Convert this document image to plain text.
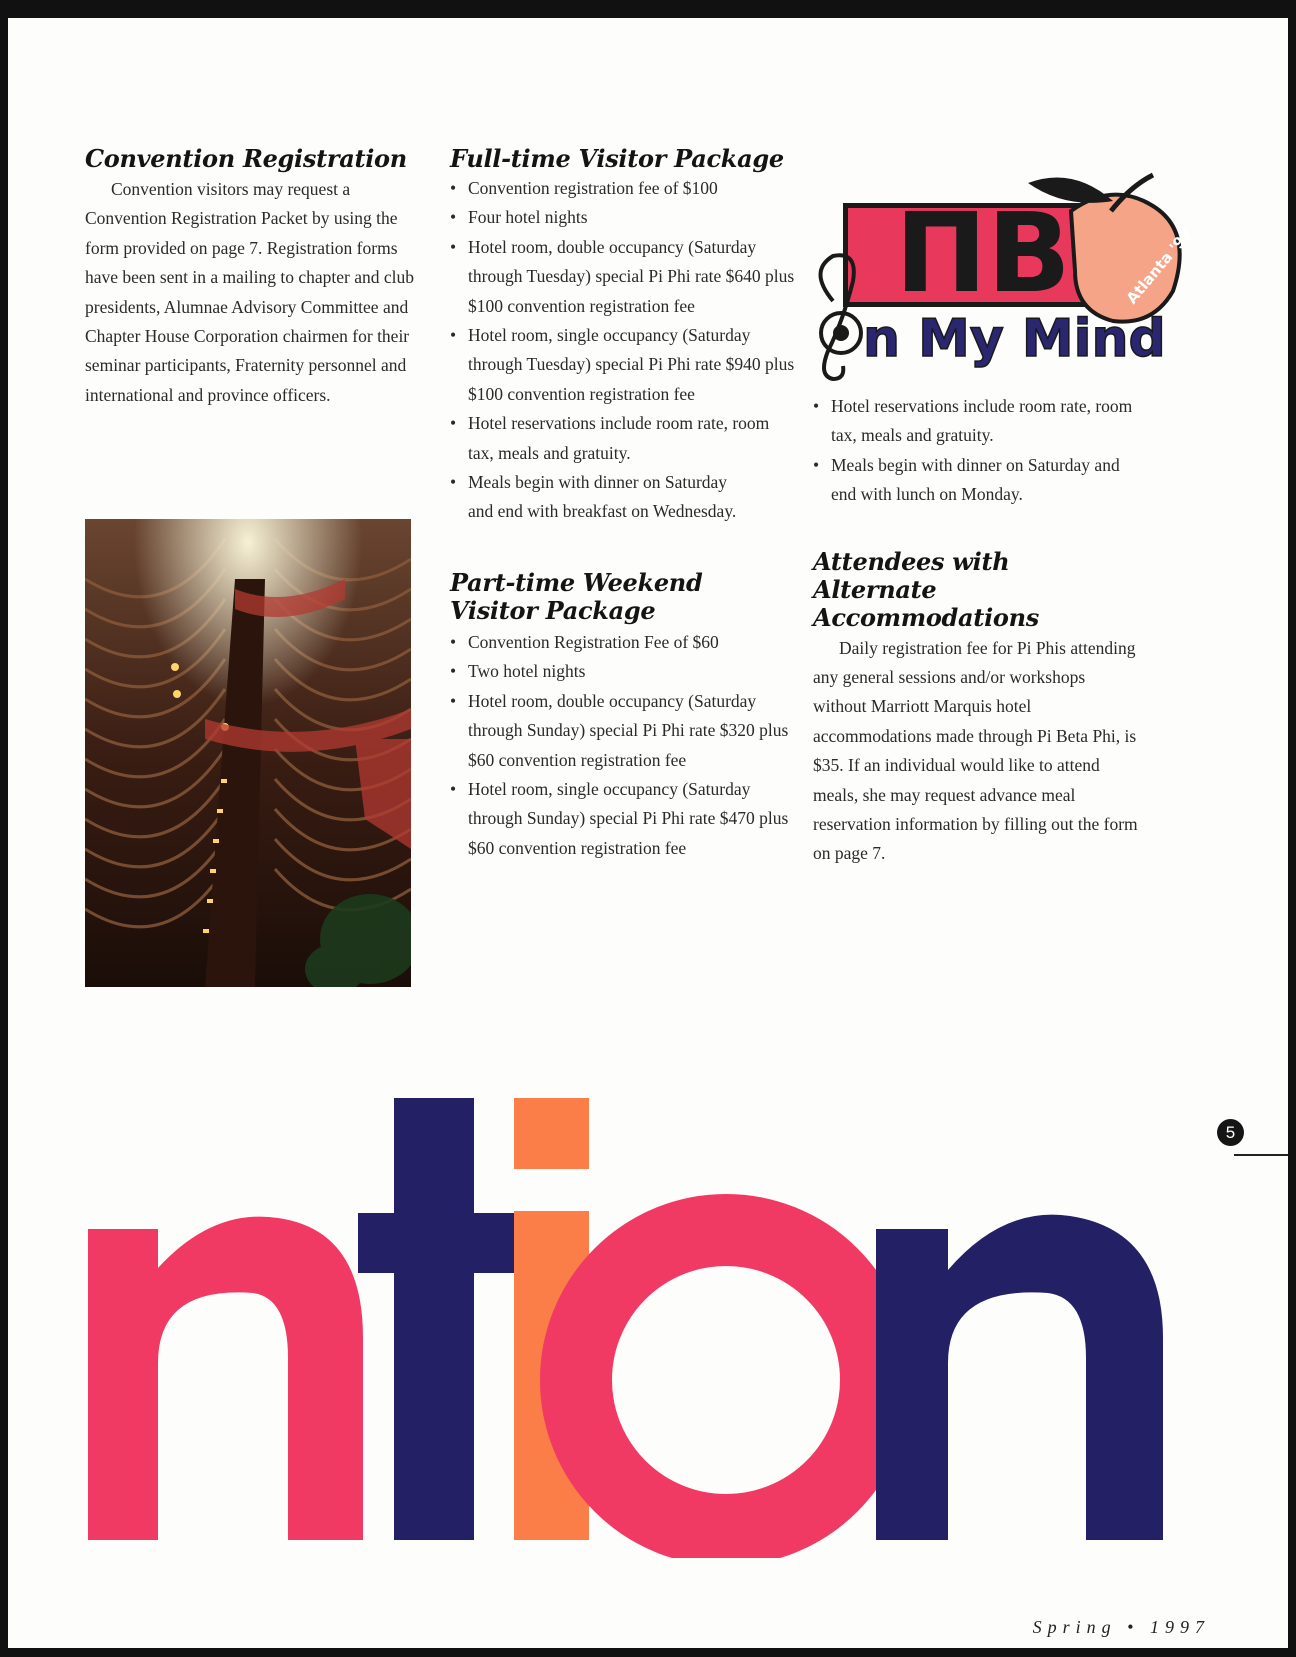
Convention Registration

Convention visitors may request a Convention Registration Packet by using the form provided on page 7. Registration forms have been sent in a mailing to chapter and club presidents, Alumnae Advisory Committee and Chapter House Corporation chairmen for their seminar participants, Fraternity personnel and international and province officers.

Full-time Visitor Package
• Convention registration fee of $100
• Four hotel nights
• Hotel room, double occupancy (Saturday through Tuesday) special Pi Phi rate $640 plus $100 convention registration fee
• Hotel room, single occupancy (Saturday through Tuesday) special Pi Phi rate $940 plus $100 convention registration fee
• Hotel reservations include room rate, room tax, meals and gratuity.
• Meals begin with dinner on Saturday and end with breakfast on Wednesday.
Part-time Weekend Visitor Package
• Convention Registration Fee of $60
• Two hotel nights
• Hotel room, double occupancy (Saturday through Sunday) special Pi Phi rate $320 plus $60 convention registration fee
• Hotel room, single occupancy (Saturday through Sunday) special Pi Phi rate $470 plus $60 convention registration fee
ΠΒ	Atlanta '97
n My Mind
• Hotel reservations include room rate, room tax, meals and gratuity.
• Meals begin with dinner on Saturday and end with lunch on Monday.
Attendees with Alternate Accommodations

Daily registration fee for Pi Phis attending any general sessions and/or workshops without Marriott Marquis hotel accommodations made through Pi Beta Phi, is $35. If an individual would like to attend meals, she may request advance meal reservation information by filling out the form on page 7.

5
Spring • 1997
